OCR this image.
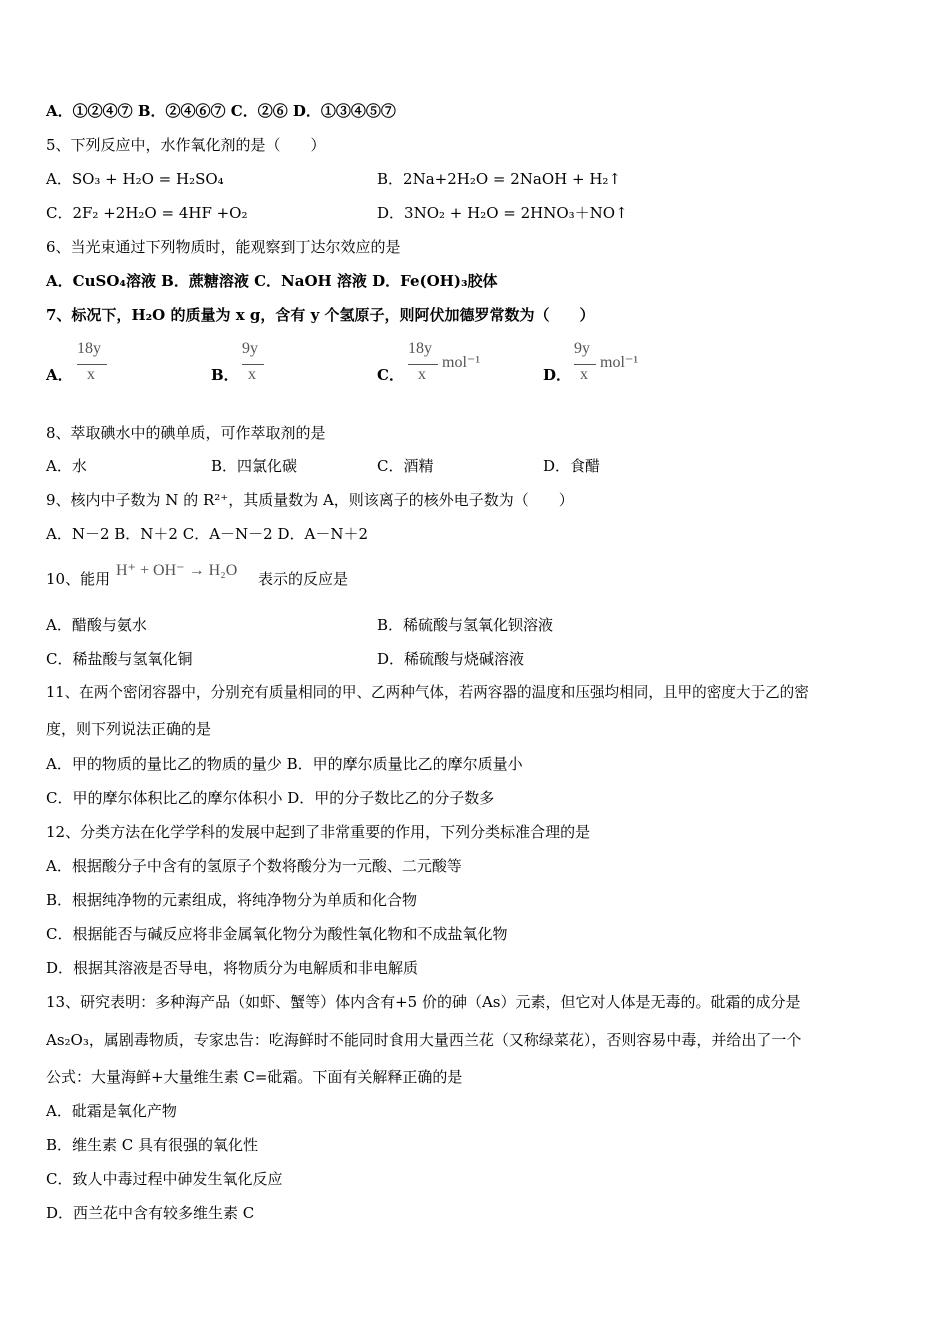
A．①②④⑦ B．②④⑥⑦ C．②⑥ D．①③④⑤⑦
5、下列反应中，水作氧化剂的是（　　）
A．SO₃ + H₂O = H₂SO₄	B．2Na+2H₂O = 2NaOH + H₂↑
C．2F₂ +2H₂O = 4HF +O₂	D．3NO₂ + H₂O = 2HNO₃＋NO↑
6、当光束通过下列物质时，能观察到丁达尔效应的是
A．CuSO₄溶液 B．蔗糖溶液 C．NaOH 溶液 D．Fe(OH)₃胶体
7、标况下，H₂O 的质量为 x g，含有 y 个氢原子，则阿伏加德罗常数为（　　）
A．
18y
x	B．
9y
x	C．
18y
x
mol⁻¹
D．
9y
x
mol⁻¹
8、萃取碘水中的碘单质，可作萃取剂的是
A．水	B．四氯化碳	C．酒精	D．食醋
9、核内中子数为 N 的 R²⁺，其质量数为 A，则该离子的核外电子数为（　　）
A．N－2 B．N＋2 C．A－N－2 D．A－N＋2
10、能用 H⁺ + OH⁻ → H₂O 表示的反应是
A．醋酸与氨水	B．稀硫酸与氢氧化钡溶液
C．稀盐酸与氢氧化铜	D．稀硫酸与烧碱溶液
11、在两个密闭容器中，分别充有质量相同的甲、乙两种气体，若两容器的温度和压强均相同，且甲的密度大于乙的密
度，则下列说法正确的是
A．甲的物质的量比乙的物质的量少 B．甲的摩尔质量比乙的摩尔质量小
C．甲的摩尔体积比乙的摩尔体积小 D．甲的分子数比乙的分子数多
12、分类方法在化学学科的发展中起到了非常重要的作用，下列分类标准合理的是
A．根据酸分子中含有的氢原子个数将酸分为一元酸、二元酸等
B．根据纯净物的元素组成，将纯净物分为单质和化合物
C．根据能否与碱反应将非金属氧化物分为酸性氧化物和不成盐氧化物
D．根据其溶液是否导电，将物质分为电解质和非电解质
13、研究表明：多种海产品（如虾、蟹等）体内含有+5 价的砷（As）元素，但它对人体是无毒的。砒霜的成分是
As₂O₃，属剧毒物质，专家忠告：吃海鲜时不能同时食用大量西兰花（又称绿菜花），否则容易中毒，并给出了一个
公式：大量海鲜+大量维生素 C=砒霜。下面有关解释正确的是
A．砒霜是氧化产物
B．维生素 C 具有很强的氧化性
C．致人中毒过程中砷发生氧化反应
D．西兰花中含有较多维生素 C
